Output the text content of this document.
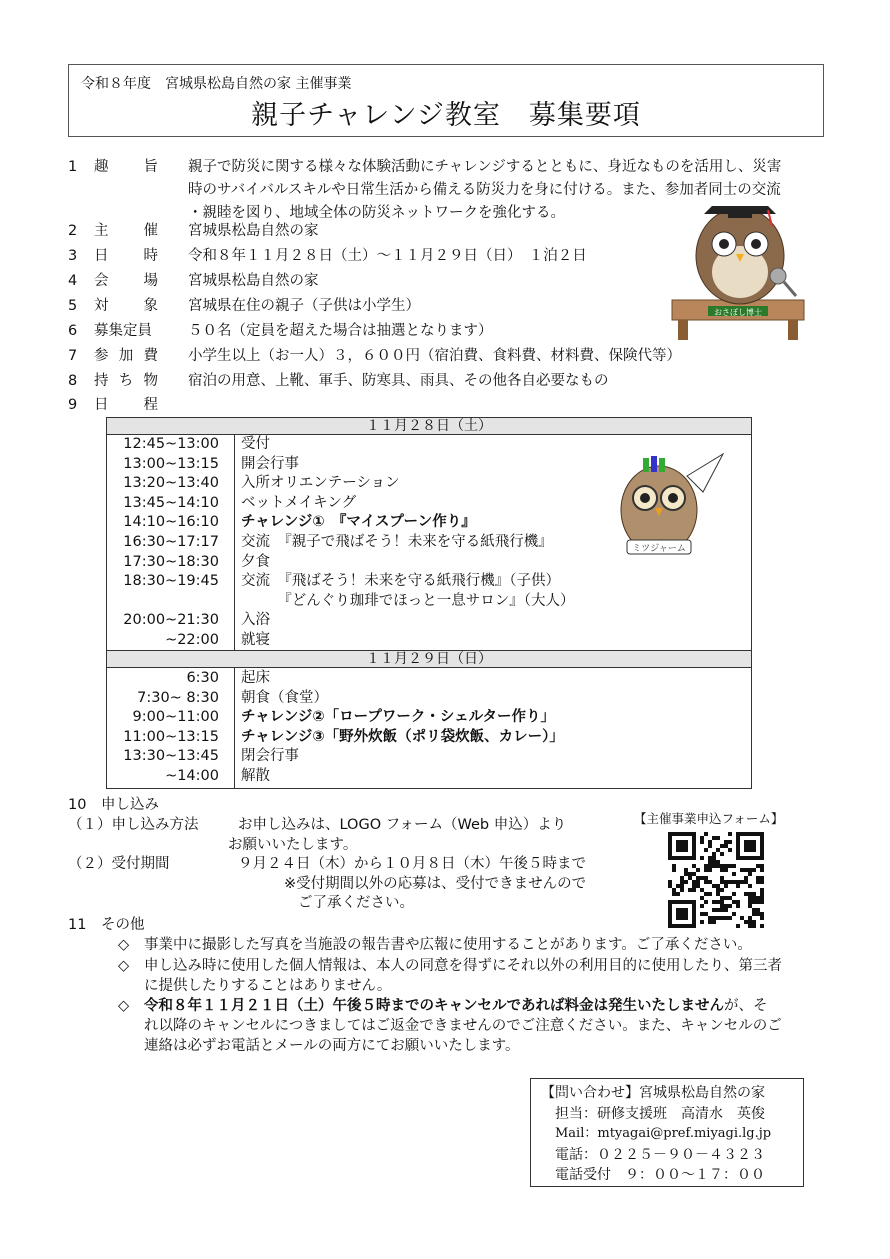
令和８年度　宮城県松島自然の家 主催事業
親子チャレンジ教室　募集要項
1	趣 旨 親子で防災に関する様々な体験活動にチャレンジするとともに、身近なものを活用し、災害
時のサバイバルスキルや日常生活から備える防災力を身に付ける。また、参加者同士の交流
・親睦を図り、地域全体の防災ネットワークを強化する。
2	主 催 宮城県松島自然の家
3	日 時 令和８年１１月２８日（土）～１１月２９日（日）　１泊２日
4	会 場 宮城県松島自然の家
5	対 象 宮城県在住の親子（子供は小学生）
6	募集定員	５０名（定員を超えた場合は抽選となります）
7	参 加 費 小学生以上（お一人）３，６００円（宿泊費、食料費、材料費、保険代等）
8	持 ち 物 宿泊の用意、上靴、軍手、防寒具、雨具、その他各自必要なもの
9	日 程
おさぼし博士
１１月２８日（土）
12:45~13:00 受付
13:00~13:15 開会行事
13:20~13:40 入所オリエンテーション
13:45~14:10 ベットメイキング
14:10~16:10 チャレンジ①　『マイスプーン作り』
16:30~17:17 交流　『親子で飛ばそう！未来を守る紙飛行機』
17:30~18:30 夕食
18:30~19:45 交流　『飛ばそう！未来を守る紙飛行機』（子供）
　　　『どんぐり珈琲でほっと一息サロン』（大人）
20:00~21:30 入浴
~22:00 就寝
１１月２９日（日）
6:30 起床
7:30~ 8:30 朝食（食堂）
9:00~11:00 チャレンジ②「ロープワーク・シェルター作り」
11:00~13:15 チャレンジ③「野外炊飯（ポリ袋炊飯、カレー）」
13:30~13:45 閉会行事
~14:00 解散
ミツジャーム
10　申し込み
（１）申し込み方法	お申し込みは、LOGO フォーム（Web 申込）より
お願いいたします。
（２）受付期間	９月２４日（木）から１０月８日（木）午後５時まで
※受付期間以外の応募は、受付できませんので
ご了承ください。
【主催事業申込フォーム】
11　その他
◇ 事業中に撮影した写真を当施設の報告書や広報に使用することがあります。ご了承ください。
◇ 申し込み時に使用した個人情報は、本人の同意を得ずにそれ以外の利用目的に使用したり、第三者
に提供したりすることはありません。
◇ 令和８年１１月２１日（土）午後５時までのキャンセルであれば料金は発生いたしませんが、そ
れ以降のキャンセルにつきましてはご返金できませんのでご注意ください。また、キャンセルのご
連絡は必ずお電話とメールの両方にてお願いいたします。
【問い合わせ】宮城県松島自然の家
担当：研修支援班　高清水　英俊
Mail：mtyagai@pref.miyagi.lg.jp
電話：０２２５－９０－４３２３
電話受付　９：００～１７：００
